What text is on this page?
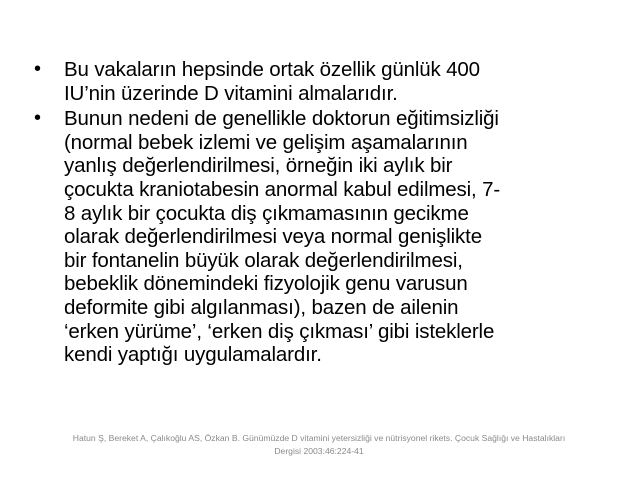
• Bu vakaların hepsinde ortak özellik günlük 400
IU’nin üzerinde D vitamini almalarıdır.
• Bunun nedeni de genellikle doktorun eğitimsizliği
(normal bebek izlemi ve gelişim aşamalarının
yanlış değerlendirilmesi, örneğin iki aylık bir
çocukta kraniotabesin anormal kabul edilmesi, 7-
8 aylık bir çocukta diş çıkmamasının gecikme
olarak değerlendirilmesi veya normal genişlikte
bir fontanelin büyük olarak değerlendirilmesi,
bebeklik dönemindeki fizyolojik genu varusun
deformite gibi algılanması), bazen de ailenin
‘erken yürüme’, ‘erken diş çıkması’ gibi isteklerle
kendi yaptığı uygulamalardır.
Hatun Ş, Bereket A, Çalıkoğlu AS, Özkan B. Günümüzde D vitamini yetersizliği ve nütrisyonel rikets. Çocuk Sağlığı ve Hastalıkları
Dergisi 2003:46:224-41
